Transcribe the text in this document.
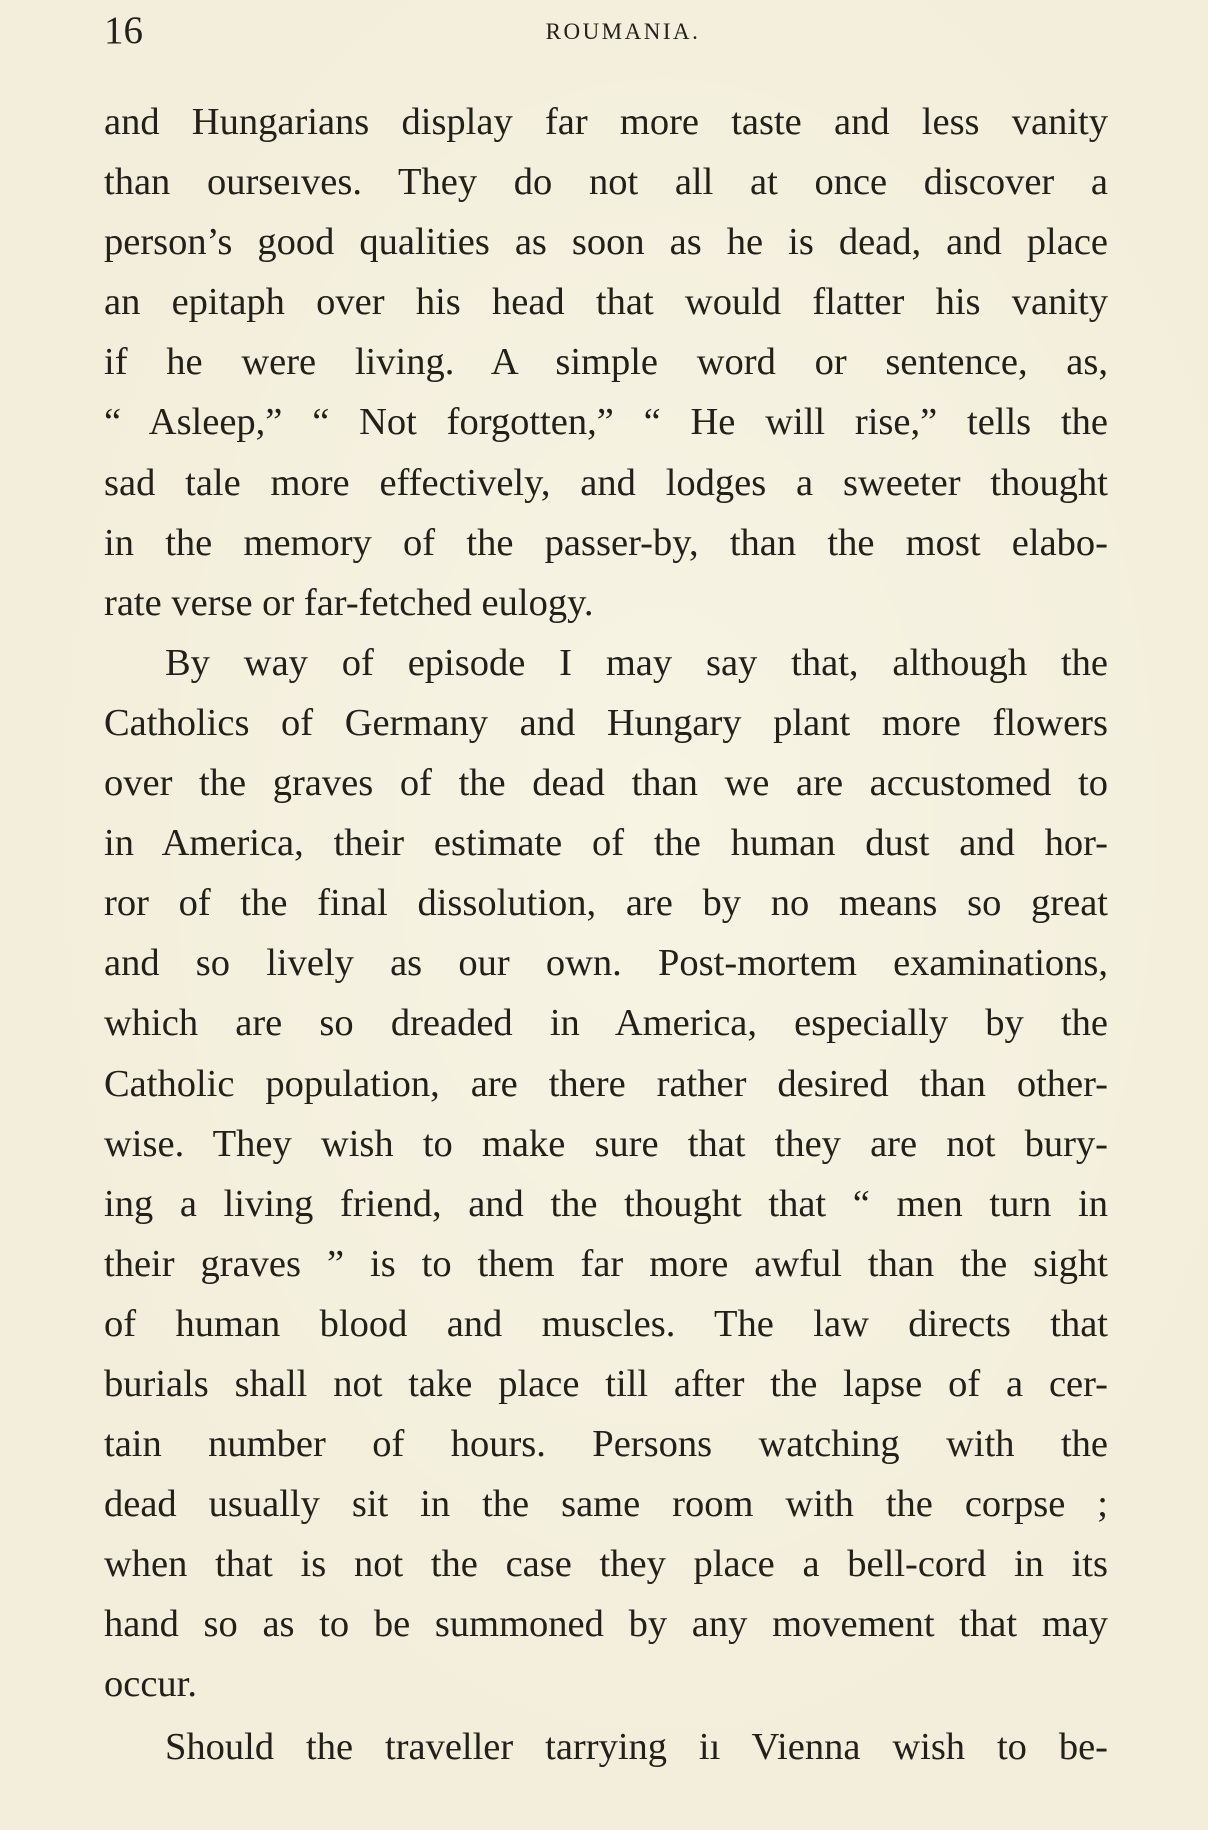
16	ROUMANIA.
and Hungarians display far more taste and less vanity
than ourseıves. They do not all at once discover a
person’s good qualities as soon as he is dead, and place
an epitaph over his head that would flatter his vanity
if he were living. A simple word or sentence, as,
“ Asleep,” “ Not forgotten,” “ He will rise,” tells the
sad tale more effectively, and lodges a sweeter thought
in the memory of the passer-by, than the most elabo-
rate verse or far-fetched eulogy.
By way of episode I may say that, although the
Catholics of Germany and Hungary plant more flowers
over the graves of the dead than we are accustomed to
in America, their estimate of the human dust and hor-
ror of the final dissolution, are by no means so great
and so lively as our own. Post-mortem examinations,
which are so dreaded in America, especially by the
Catholic population, are there rather desired than other-
wise. They wish to make sure that they are not bury-
ing a living friend, and the thought that “ men turn in
their graves ” is to them far more awful than the sight
of human blood and muscles. The law directs that
burials shall not take place till after the lapse of a cer-
tain number of hours. Persons watching with the
dead usually sit in the same room with the corpse ;
when that is not the case they place a bell-cord in its
hand so as to be summoned by any movement that may
occur.
Should the traveller tarrying iı Vienna wish to be-
